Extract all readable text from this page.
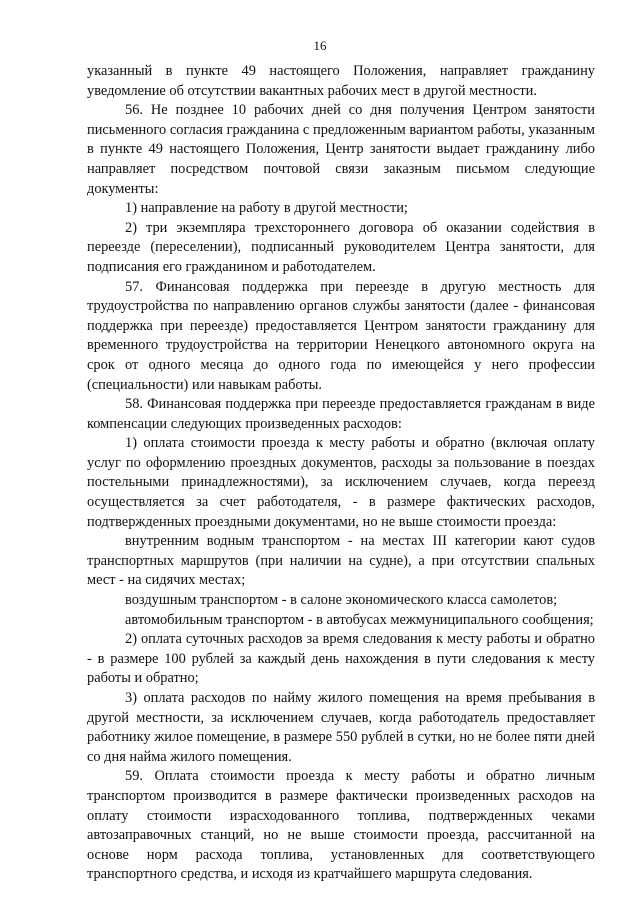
16

указанный в пункте 49 настоящего Положения, направляет гражданину уведомление об отсутствии вакантных рабочих мест в другой местности.

56. Не позднее 10 рабочих дней со дня получения Центром занятости письменного согласия гражданина с предложенным вариантом работы, указанным в пункте 49 настоящего Положения, Центр занятости выдает гражданину либо направляет посредством почтовой связи заказным письмом следующие документы:

1) направление на работу в другой местности;

2) три экземпляра трехстороннего договора об оказании содействия в переезде (переселении), подписанный руководителем Центра занятости, для подписания его гражданином и работодателем.

57. Финансовая поддержка при переезде в другую местность для трудоустройства по направлению органов службы занятости (далее - финансовая поддержка при переезде) предоставляется Центром занятости гражданину для временного трудоустройства на территории Ненецкого автономного округа на срок от одного месяца до одного года по имеющейся у него профессии (специальности) или навыкам работы.

58. Финансовая поддержка при переезде предоставляется гражданам в виде компенсации следующих произведенных расходов:

1) оплата стоимости проезда к месту работы и обратно (включая оплату услуг по оформлению проездных документов, расходы за пользование в поездах постельными принадлежностями), за исключением случаев, когда переезд осуществляется за счет работодателя, - в размере фактических расходов, подтвержденных проездными документами, но не выше стоимости проезда:

внутренним водным транспортом - на местах III категории кают судов транспортных маршрутов (при наличии на судне), а при отсутствии спальных мест - на сидячих местах;

воздушным транспортом - в салоне экономического класса самолетов;

автомобильным транспортом - в автобусах межмуниципального сообщения;

2) оплата суточных расходов за время следования к месту работы и обратно - в размере 100 рублей за каждый день нахождения в пути следования к месту работы и обратно;

3) оплата расходов по найму жилого помещения на время пребывания в другой местности, за исключением случаев, когда работодатель предоставляет работнику жилое помещение, в размере 550 рублей в сутки, но не более пяти дней со дня найма жилого помещения.

59. Оплата стоимости проезда к месту работы и обратно личным транспортом производится в размере фактически произведенных расходов на оплату стоимости израсходованного топлива, подтвержденных чеками автозаправочных станций, но не выше стоимости проезда, рассчитанной на основе норм расхода топлива, установленных для соответствующего транспортного средства, и исходя из кратчайшего маршрута следования.
